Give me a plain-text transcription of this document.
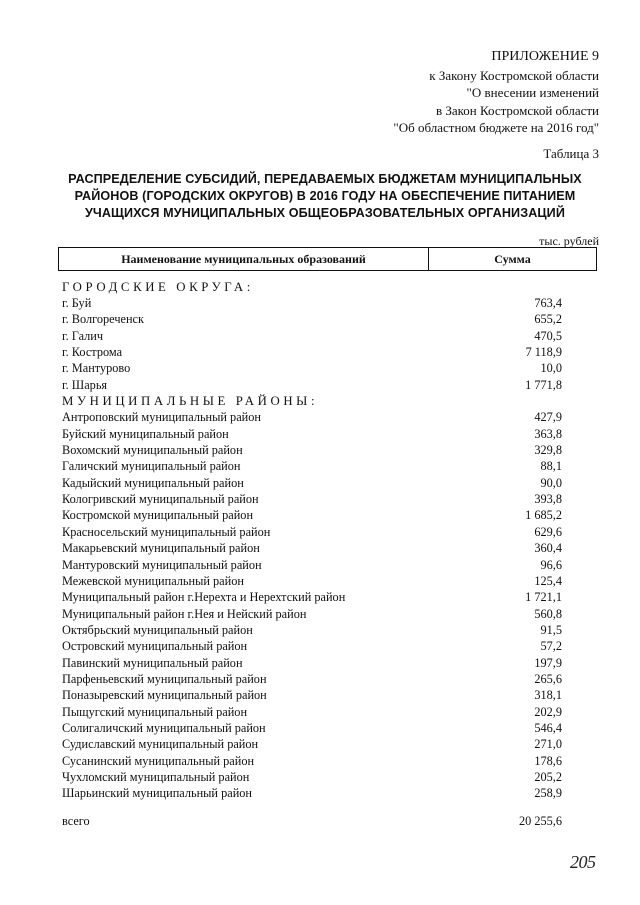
ПРИЛОЖЕНИЕ 9
к Закону Костромской области
"О внесении изменений
в Закон Костромской области
"Об областном бюджете на 2016 год"
Таблица 3
РАСПРЕДЕЛЕНИЕ СУБСИДИЙ, ПЕРЕДАВАЕМЫХ БЮДЖЕТАМ МУНИЦИПАЛЬНЫХ
РАЙОНОВ (ГОРОДСКИХ ОКРУГОВ) В 2016 ГОДУ НА ОБЕСПЕЧЕНИЕ ПИТАНИЕМ
УЧАЩИХСЯ МУНИЦИПАЛЬНЫХ ОБЩЕОБРАЗОВАТЕЛЬНЫХ ОРГАНИЗАЦИЙ
тыс. рублей
Наименование муниципальных образований	Сумма
ГОРОДСКИЕ ОКРУГА:
г. Буй	763,4
г. Волгореченск	655,2
г. Галич	470,5
г. Кострома	7 118,9
г. Мантурово	10,0
г. Шарья	1 771,8
МУНИЦИПАЛЬНЫЕ РАЙОНЫ:
Антроповский муниципальный район	427,9
Буйский муниципальный район	363,8
Вохомский муниципальный район	329,8
Галичский муниципальный район	88,1
Кадыйский муниципальный район	90,0
Кологривский муниципальный район	393,8
Костромской муниципальный район	1 685,2
Красносельский муниципальный район	629,6
Макарьевский муниципальный район	360,4
Мантуровский муниципальный район	96,6
Межевской муниципальный район	125,4
Муниципальный район г.Нерехта и Нерехтский район	1 721,1
Муниципальный район г.Нея и Нейский район	560,8
Октябрьский муниципальный район	91,5
Островский муниципальный район	57,2
Павинский муниципальный район	197,9
Парфеньевский муниципальный район	265,6
Поназыревский муниципальный район	318,1
Пыщугский муниципальный район	202,9
Солигаличский муниципальный район	546,4
Судиславский муниципальный район	271,0
Сусанинский муниципальный район	178,6
Чухломский муниципальный район	205,2
Шарьинский муниципальный район	258,9
всего	20 255,6
205
